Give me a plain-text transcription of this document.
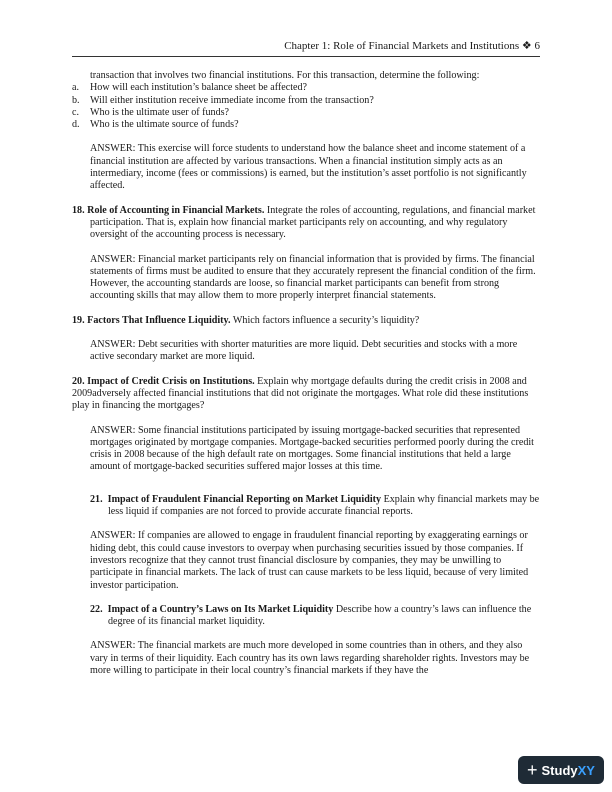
Chapter 1: Role of Financial Markets and Institutions ❖ 6

transaction that involves two financial institutions. For this transaction, determine the following:

a. How will each institution’s balance sheet be affected?
b. Will either institution receive immediate income from the transaction?
c. Who is the ultimate user of funds?
d. Who is the ultimate source of funds?

ANSWER: This exercise will force students to understand how the balance sheet and income statement of a financial institution are affected by various transactions. When a financial institution simply acts as an intermediary, income (fees or commissions) is earned, but the institution’s asset portfolio is not significantly affected.

18. Role of Accounting in Financial Markets. Integrate the roles of accounting, regulations, and financial market participation. That is, explain how financial market participants rely on accounting, and why regulatory oversight of the accounting process is necessary.

ANSWER: Financial market participants rely on financial information that is provided by firms. The financial statements of firms must be audited to ensure that they accurately represent the financial condition of the firm. However, the accounting standards are loose, so financial market participants can benefit from strong accounting skills that may allow them to more properly interpret financial statements.

19. Factors That Influence Liquidity. Which factors influence a security’s liquidity?

ANSWER: Debt securities with shorter maturities are more liquid. Debt securities and stocks with a more active secondary market are more liquid.

20. Impact of Credit Crisis on Institutions. Explain why mortgage defaults during the credit crisis in 2008 and 2009adversely affected financial institutions that did not originate the mortgages. What role did these institutions play in financing the mortgages?

ANSWER: Some financial institutions participated by issuing mortgage-backed securities that represented mortgages originated by mortgage companies. Mortgage-backed securities performed poorly during the credit crisis in 2008 because of the high default rate on mortgages. Some financial institutions that held a large amount of mortgage-backed securities suffered major losses at this time.

21. Impact of Fraudulent Financial Reporting on Market Liquidity Explain why financial markets may be less liquid if companies are not forced to provide accurate financial reports.

ANSWER: If companies are allowed to engage in fraudulent financial reporting by exaggerating earnings or hiding debt, this could cause investors to overpay when purchasing securities issued by those companies. If investors recognize that they cannot trust financial disclosure by companies, they may be unwilling to participate in financial markets. The lack of trust can cause markets to be less liquid, because of very limited investor participation.

22. Impact of a Country’s Laws on Its Market Liquidity Describe how a country’s laws can influence the degree of its financial market liquidity.

ANSWER: The financial markets are much more developed in some countries than in others, and they also vary in terms of their liquidity. Each country has its own laws regarding shareholder rights. Investors may be more willing to participate in their local country’s financial markets if they have the

+ StudyXY
